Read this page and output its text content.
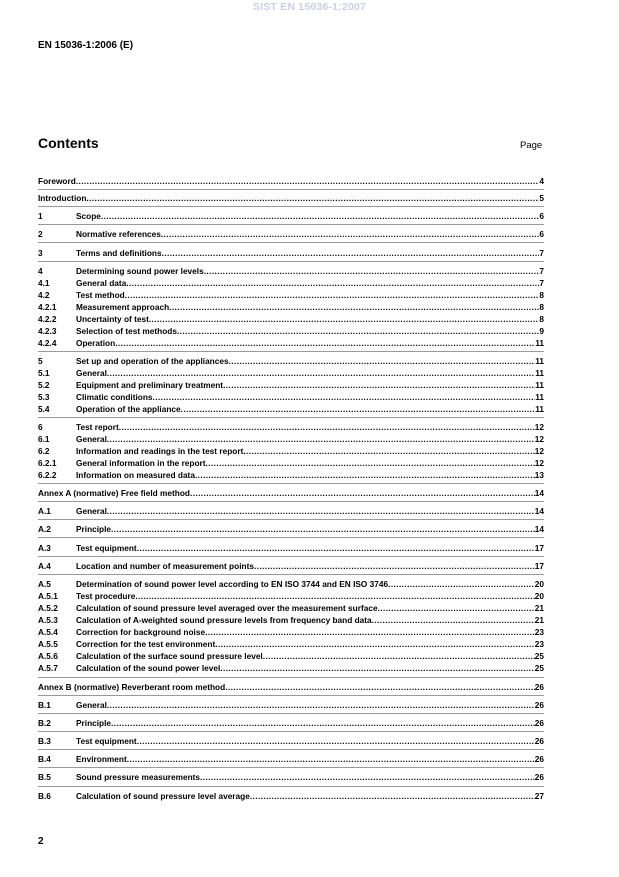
SIST EN 15036-1:2007
EN 15036-1:2006 (E)
Contents	Page
Foreword .....	4
Introduction .....	5
1	Scope .....	6
2	Normative references .....	6
3	Terms and definitions .....	7
4	Determining sound power levels .....	7
4.1	General data .....	7
4.2	Test method .....	8
4.2.1	Measurement approach .....	8
4.2.2	Uncertainty of test .....	8
4.2.3	Selection of test methods .....	9
4.2.4	Operation .....	11
5	Set up and operation of the appliances .....	11
5.1	General .....	11
5.2	Equipment and preliminary treatment .....	11
5.3	Climatic conditions .....	11
5.4	Operation of the appliance .....	11
6	Test report .....	12
6.1	General .....	12
6.2	Information and readings in the test report .....	12
6.2.1	General information in the report .....	12
6.2.2	Information on measured data .....	13
Annex A (normative) Free field method .....	14
A.1	General .....	14
A.2	Principle .....	14
A.3	Test equipment .....	17
A.4	Location and number of measurement points .....	17
A.5	Determination of sound power level according to EN ISO 3744 and EN ISO 3746 .....	20
A.5.1	Test procedure .....	20
A.5.2	Calculation of sound pressure level averaged over the measurement surface .....	21
A.5.3	Calculation of A-weighted sound pressure levels from frequency band data .....	21
A.5.4	Correction for background noise .....	23
A.5.5	Correction for the test environment .....	23
A.5.6	Calculation of the surface sound pressure level .....	25
A.5.7	Calculation of the sound power level .....	25
Annex B (normative) Reverberant room method .....	26
B.1	General .....	26
B.2	Principle .....	26
B.3	Test equipment .....	26
B.4	Environment .....	26
B.5	Sound pressure measurements .....	26
B.6	Calculation of sound pressure level average .....	27
2
